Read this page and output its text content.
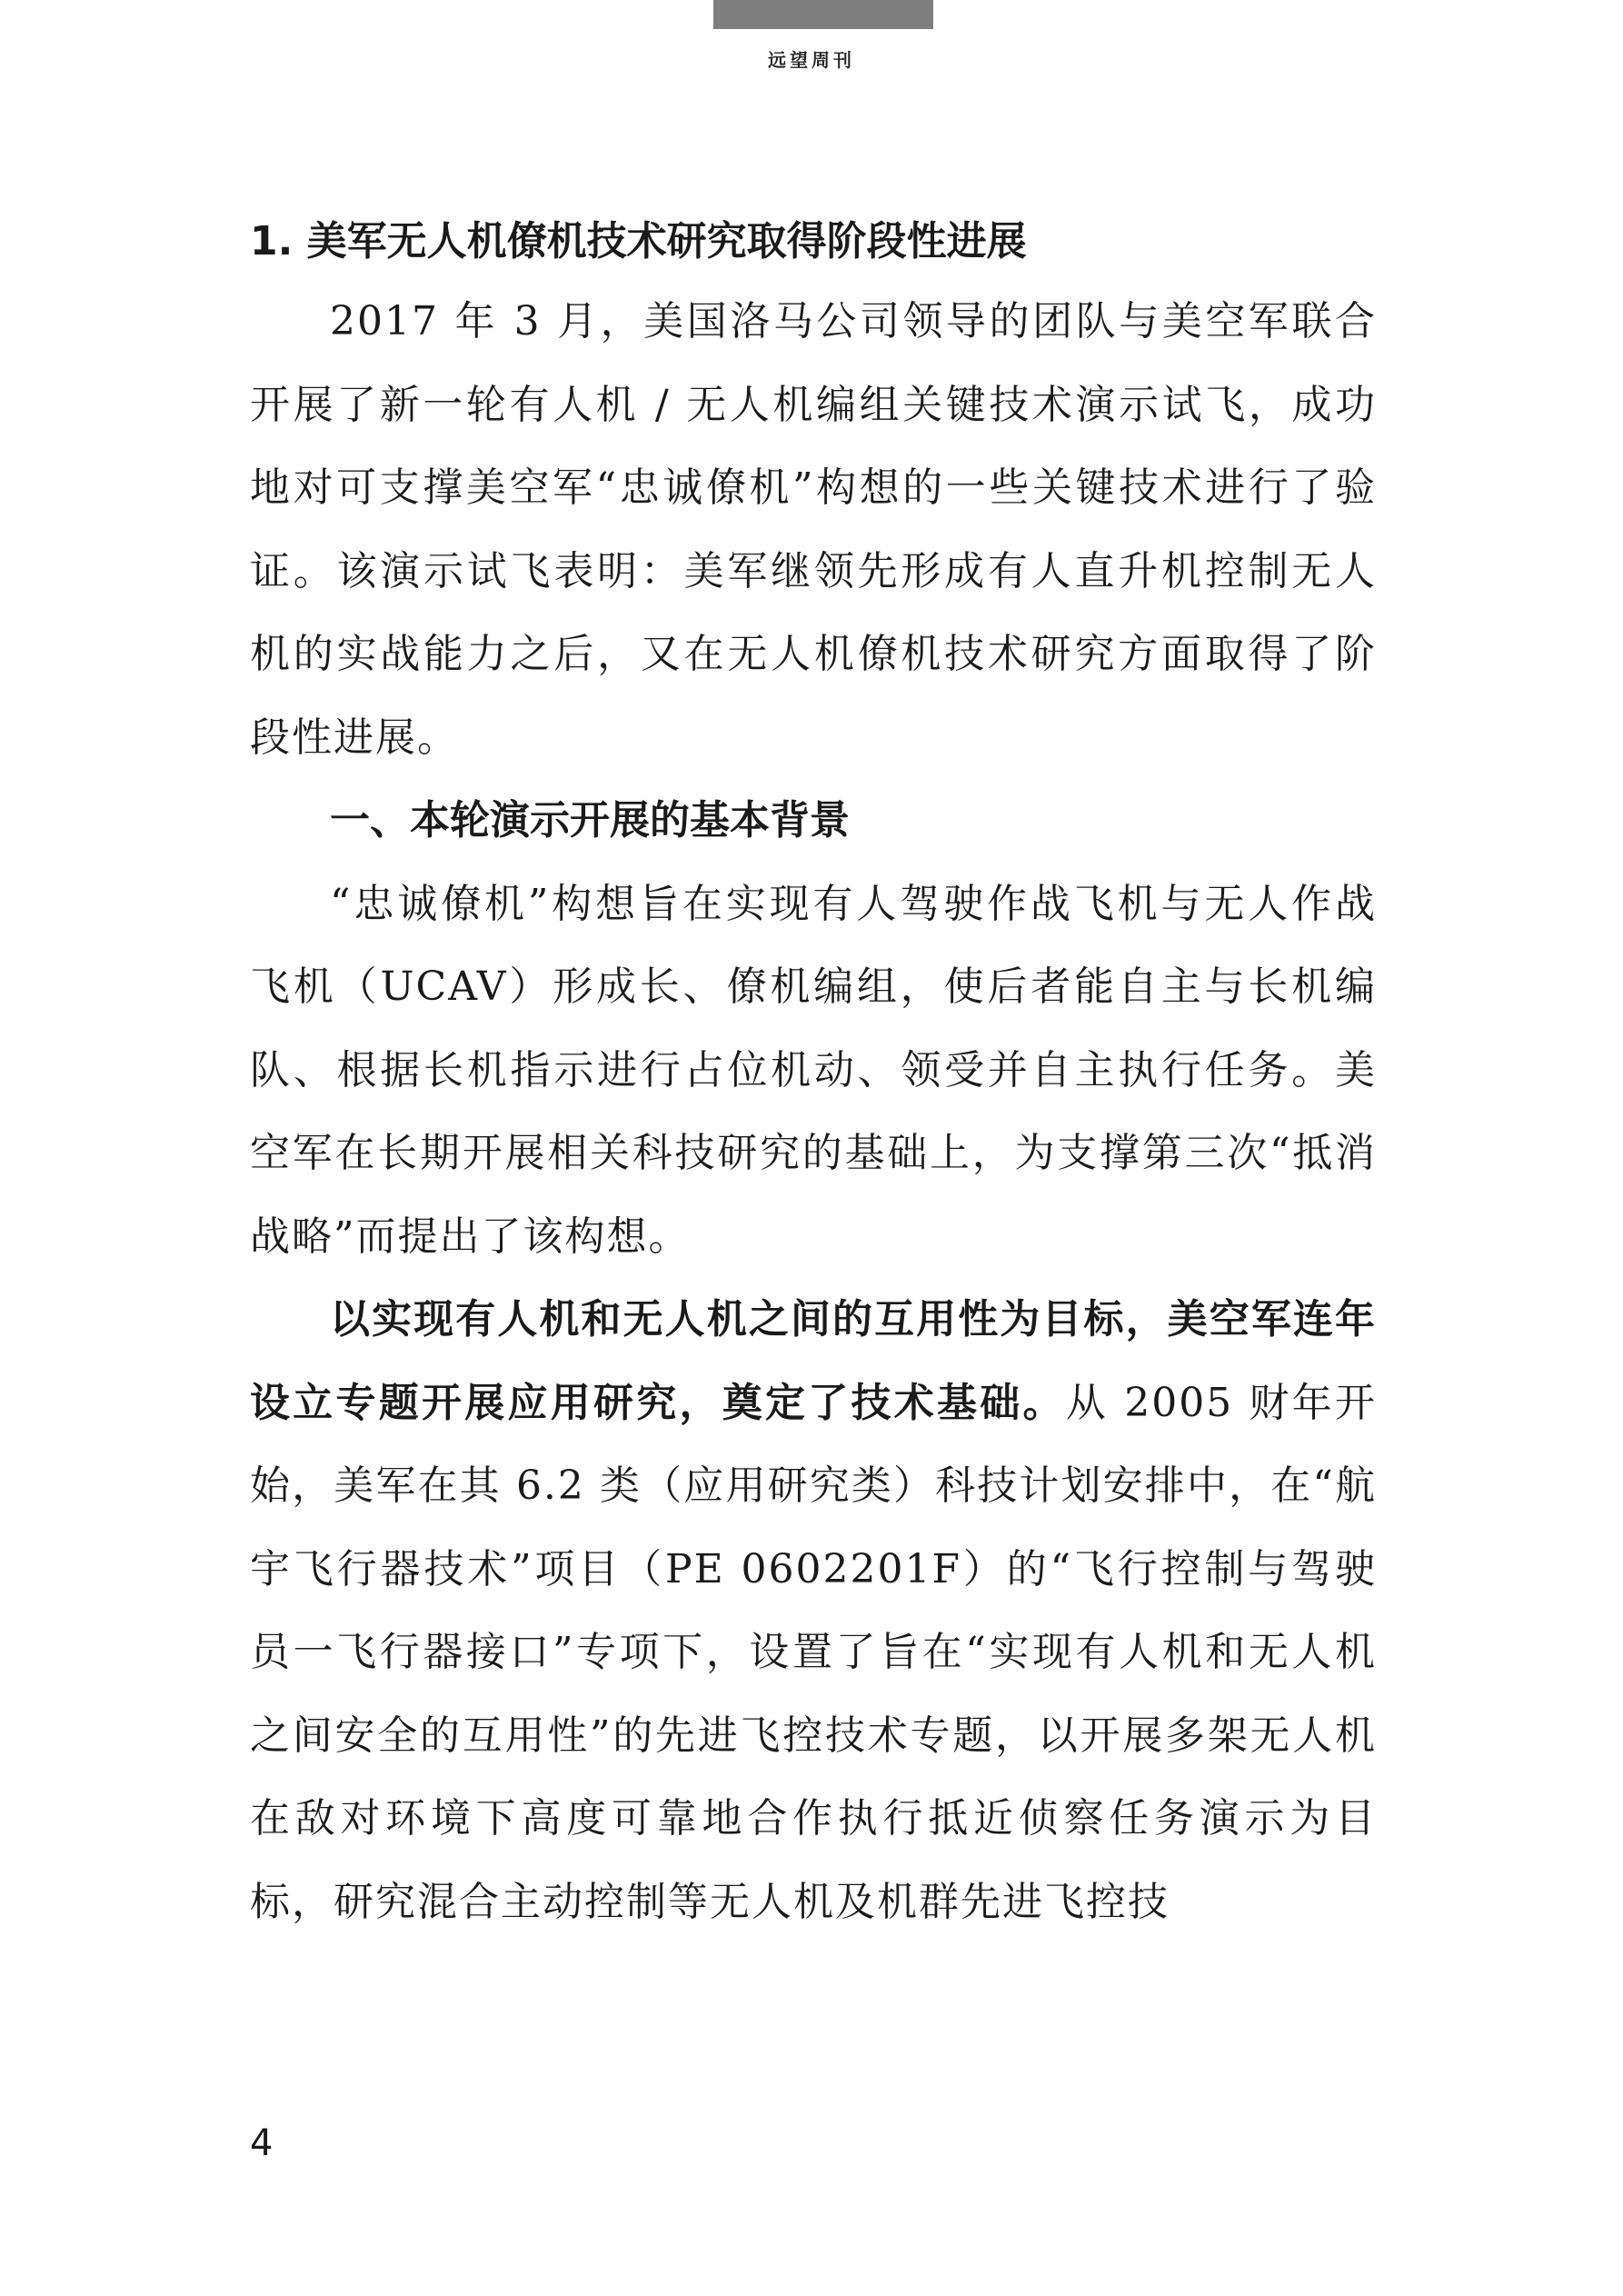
远望周刊
1. 美军无人机僚机技术研究取得阶段性进展

2017 年 3 月，美国洛马公司领导的团队与美空军联合开展了新一轮有人机 / 无人机编组关键技术演示试飞，成功地对可支撑美空军“忠诚僚机”构想的一些关键技术进行了验证。该演示试飞表明：美军继领先形成有人直升机控制无人机的实战能力之后，又在无人机僚机技术研究方面取得了阶段性进展。

一、本轮演示开展的基本背景

“忠诚僚机”构想旨在实现有人驾驶作战飞机与无人作战飞机（UCAV）形成长、僚机编组，使后者能自主与长机编队、根据长机指示进行占位机动、领受并自主执行任务。美空军在长期开展相关科技研究的基础上，为支撑第三次“抵消战略”而提出了该构想。

以实现有人机和无人机之间的互用性为目标，美空军连年设立专题开展应用研究，奠定了技术基础。从 2005 财年开始，美军在其 6.2 类（应用研究类）科技计划安排中，在“航宇飞行器技术”项目（PE 0602201F）的“飞行控制与驾驶员一飞行器接口”专项下，设置了旨在“实现有人机和无人机之间安全的互用性”的先进飞控技术专题，以开展多架无人机在敌对环境下高度可靠地合作执行抵近侦察任务演示为目标，研究混合主动控制等无人机及机群先进飞控技

4
